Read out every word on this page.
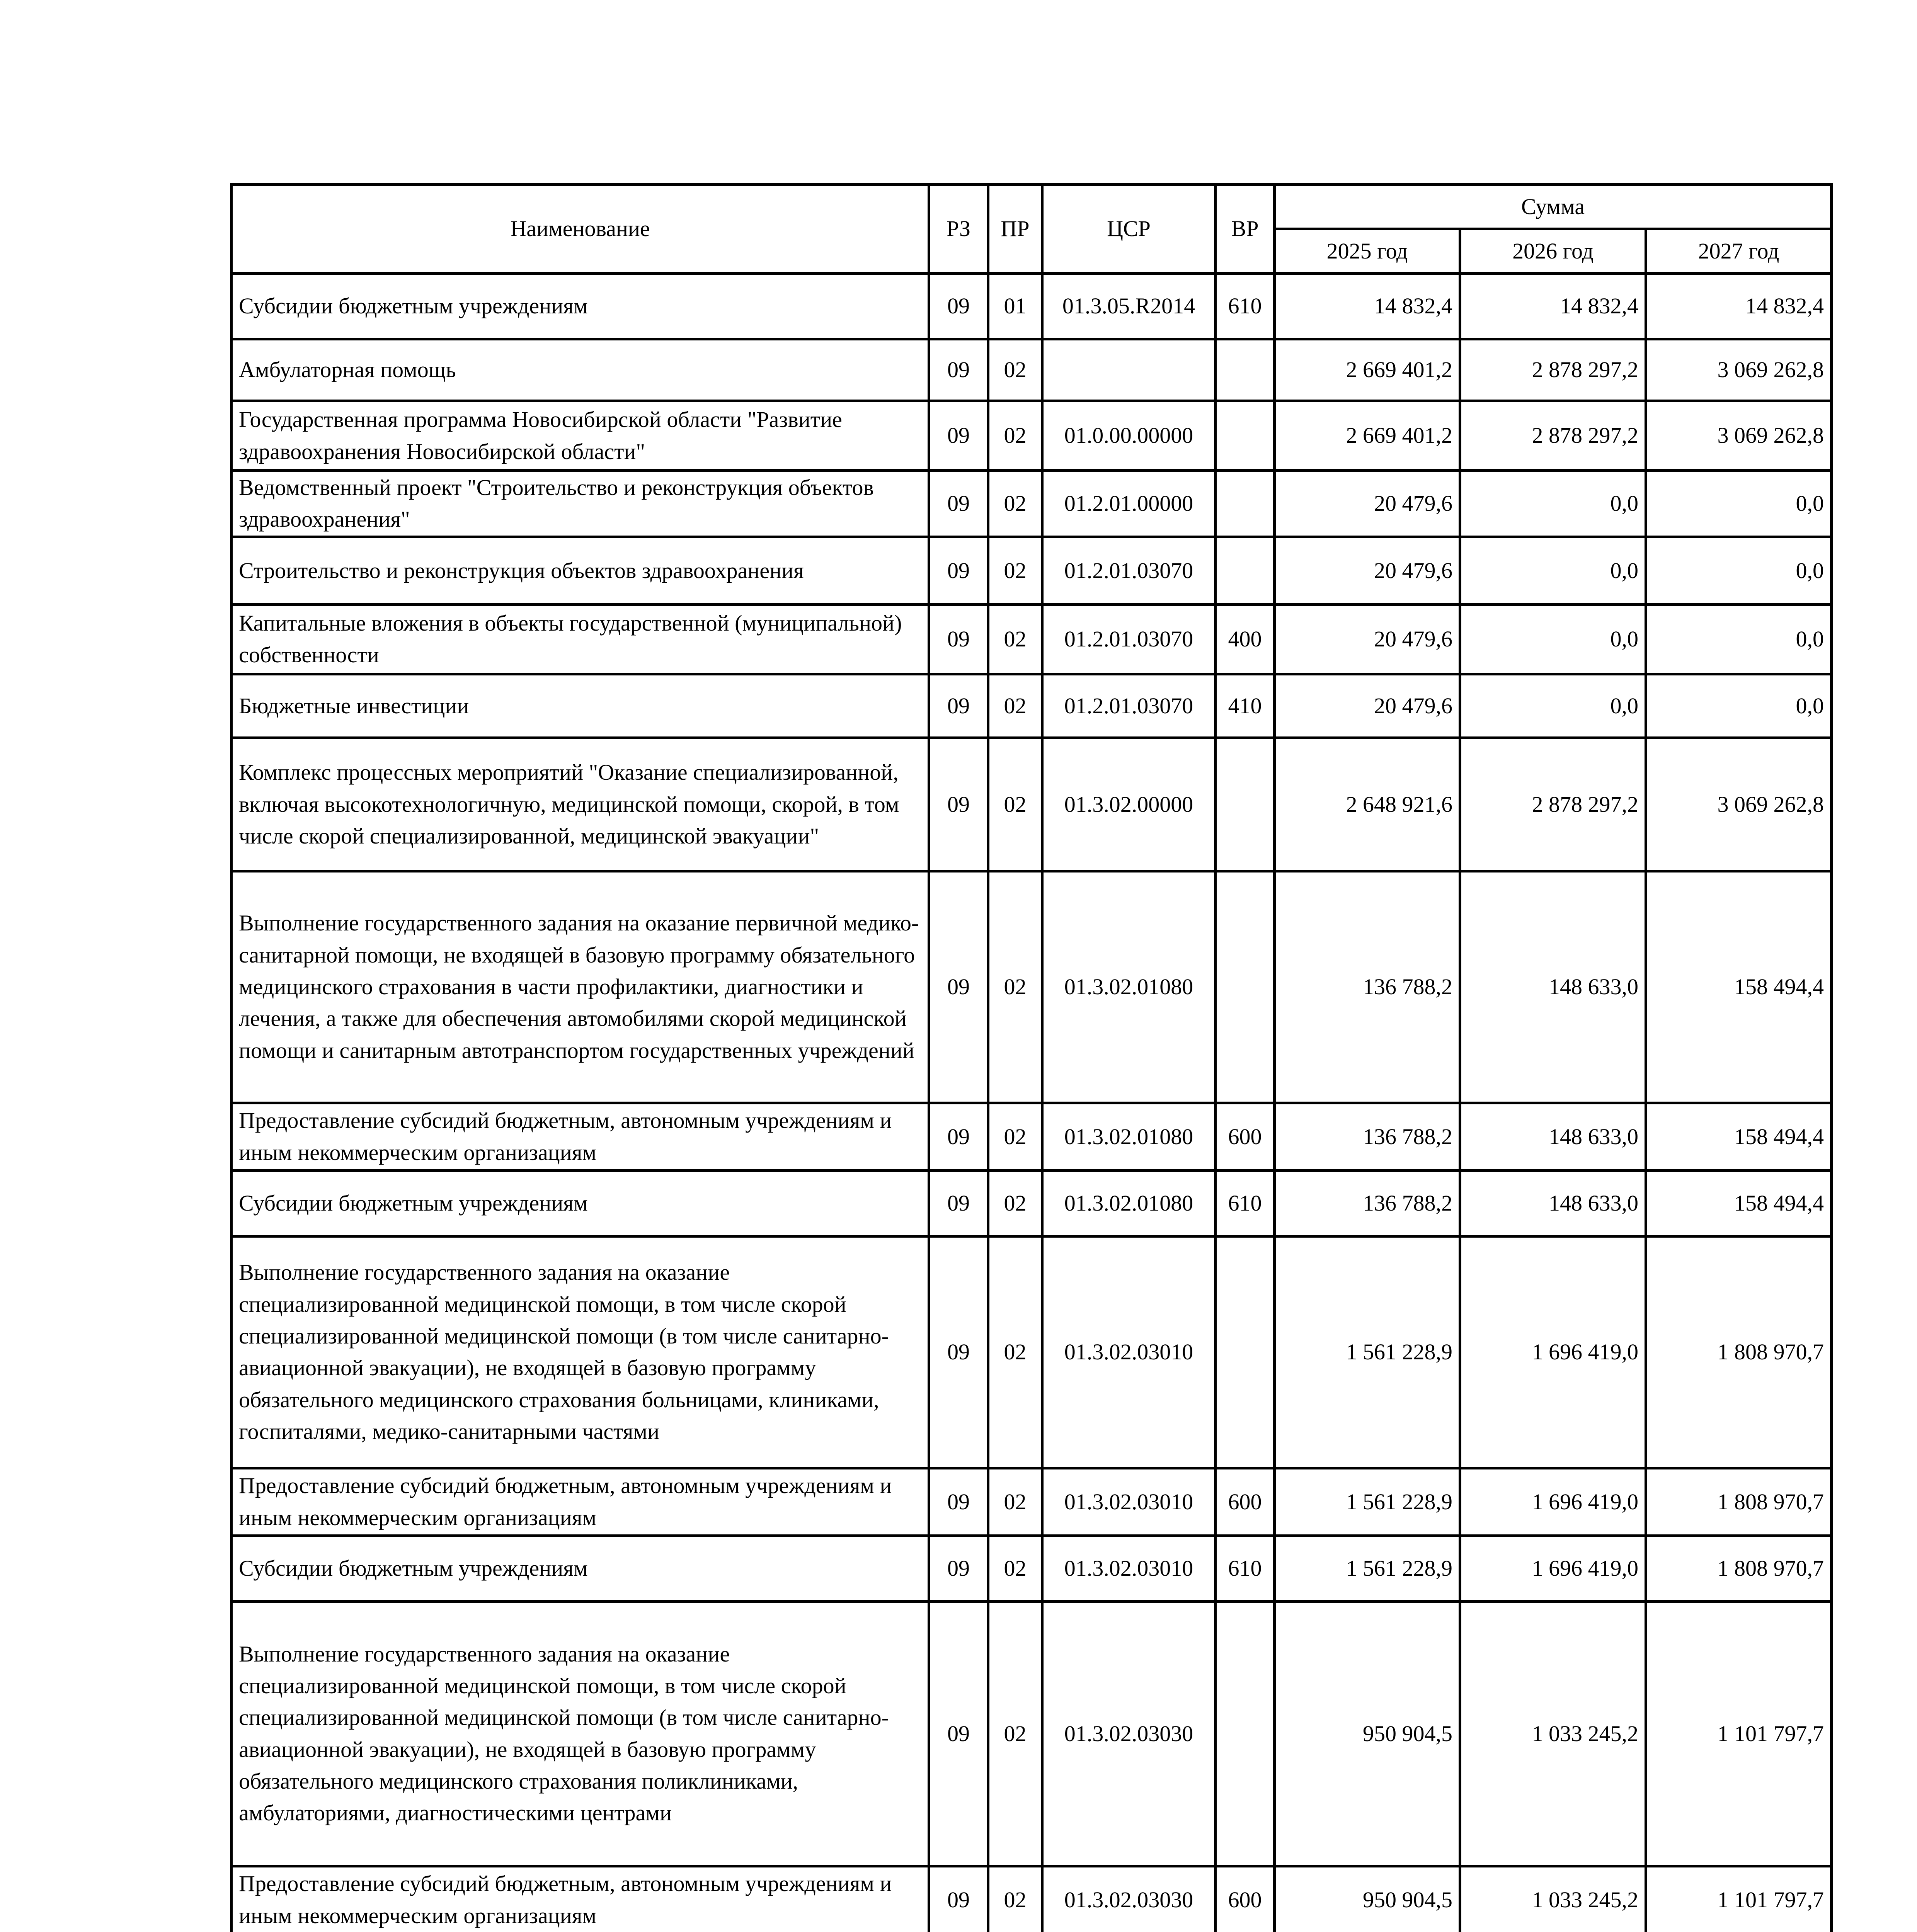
Наименование	РЗ	ПР	ЦСР	ВР	Сумма		
					2025 год	2026 год	2027 год
Субсидии бюджетным учреждениям	09	01	01.3.05.R2014	610	14 832,4	14 832,4	14 832,4
Амбулаторная помощь	09	02			2 669 401,2	2 878 297,2	3 069 262,8
Государственная программа Новосибирской области "Развитие здравоохранения Новосибирской области"	09	02	01.0.00.00000		2 669 401,2	2 878 297,2	3 069 262,8
Ведомственный проект "Строительство и реконструкция объектов здравоохранения"	09	02	01.2.01.00000		20 479,6	0,0	0,0
Строительство и реконструкция объектов здравоохранения	09	02	01.2.01.03070		20 479,6	0,0	0,0
Капитальные вложения в объекты государственной (муниципальной) собственности	09	02	01.2.01.03070	400	20 479,6	0,0	0,0
Бюджетные инвестиции	09	02	01.2.01.03070	410	20 479,6	0,0	0,0
Комплекс процессных мероприятий "Оказание специализированной, включая высокотехнологичную, медицинской помощи, скорой, в том числе скорой специализированной, медицинской эвакуации"	09	02	01.3.02.00000		2 648 921,6	2 878 297,2	3 069 262,8
Выполнение государственного задания на оказание первичной медико-санитарной помощи, не входящей в базовую программу обязательного медицинского страхования в части профилактики, диагностики и лечения, а также для обеспечения автомобилями скорой медицинской помощи и санитарным автотранспортом государственных учреждений	09	02	01.3.02.01080		136 788,2	148 633,0	158 494,4
Предоставление субсидий бюджетным, автономным учреждениям и иным некоммерческим организациям	09	02	01.3.02.01080	600	136 788,2	148 633,0	158 494,4
Субсидии бюджетным учреждениям	09	02	01.3.02.01080	610	136 788,2	148 633,0	158 494,4
Выполнение государственного задания на оказание специализированной медицинской помощи, в том числе скорой специализированной медицинской помощи (в том числе санитарно-авиационной эвакуации), не входящей в базовую программу обязательного медицинского страхования больницами, клиниками, госпиталями, медико-санитарными частями	09	02	01.3.02.03010		1 561 228,9	1 696 419,0	1 808 970,7
Предоставление субсидий бюджетным, автономным учреждениям и иным некоммерческим организациям	09	02	01.3.02.03010	600	1 561 228,9	1 696 419,0	1 808 970,7
Субсидии бюджетным учреждениям	09	02	01.3.02.03010	610	1 561 228,9	1 696 419,0	1 808 970,7
Выполнение государственного задания на оказание специализированной медицинской помощи, в том числе скорой специализированной медицинской помощи (в том числе санитарно-авиационной эвакуации), не входящей в базовую программу обязательного медицинского страхования поликлиниками, амбулаториями, диагностическими центрами	09	02	01.3.02.03030		950 904,5	1 033 245,2	1 101 797,7
Предоставление субсидий бюджетным, автономным учреждениям и иным некоммерческим организациям	09	02	01.3.02.03030	600	950 904,5	1 033 245,2	1 101 797,7
